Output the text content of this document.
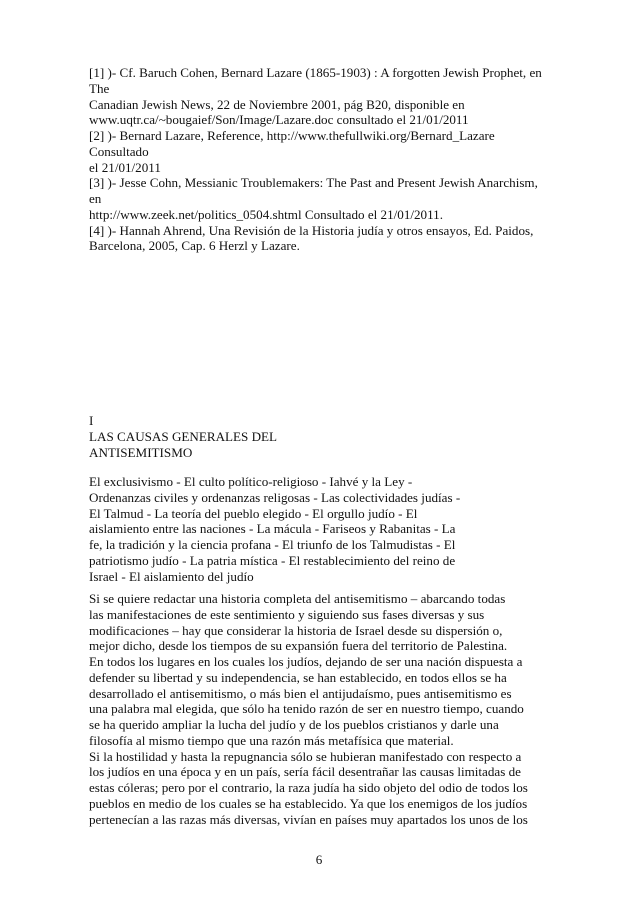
[1] )- Cf. Baruch Cohen, Bernard Lazare (1865-1903) : A forgotten Jewish Prophet, en
The
Canadian Jewish News, 22 de Noviembre 2001, pág B20, disponible en
www.uqtr.ca/~bougaief/Son/Image/Lazare.doc consultado el 21/01/2011
[2] )- Bernard Lazare, Reference, http://www.thefullwiki.org/Bernard_Lazare
Consultado
el 21/01/2011
[3] )- Jesse Cohn, Messianic Troublemakers: The Past and Present Jewish Anarchism,
en
http://www.zeek.net/politics_0504.shtml Consultado el 21/01/2011.
[4] )- Hannah Ahrend, Una Revisión de la Historia judía y otros ensayos, Ed. Paidos,
Barcelona, 2005, Cap. 6 Herzl y Lazare.
I
LAS CAUSAS GENERALES DEL
ANTISEMITISMO
El exclusivismo - El culto político-religioso - Iahvé y la Ley -
Ordenanzas civiles y ordenanzas religosas - Las colectividades judías -
El Talmud - La teoría del pueblo elegido - El orgullo judío - El
aislamiento entre las naciones - La mácula - Fariseos y Rabanitas - La
fe, la tradición y la ciencia profana - El triunfo de los Talmudistas - El
patriotismo judío - La patria mística - El restablecimiento del reino de
Israel - El aislamiento del judío
Si se quiere redactar una historia completa del antisemitismo – abarcando todas
las manifestaciones de este sentimiento y siguiendo sus fases diversas y sus
modificaciones – hay que considerar la historia de Israel desde su dispersión o,
mejor dicho, desde los tiempos de su expansión fuera del territorio de Palestina.
En todos los lugares en los cuales los judíos, dejando de ser una nación dispuesta a
defender su libertad y su independencia, se han establecido, en todos ellos se ha
desarrollado el antisemitismo, o más bien el antijudaísmo, pues antisemitismo es
una palabra mal elegida, que sólo ha tenido razón de ser en nuestro tiempo, cuando
se ha querido ampliar la lucha del judío y de los pueblos cristianos y darle una
filosofía al mismo tiempo que una razón más metafísica que material.
Si la hostilidad y hasta la repugnancia sólo se hubieran manifestado con respecto a
los judíos en una época y en un país, sería fácil desentrañar las causas limitadas de
estas cóleras; pero por el contrario, la raza judía ha sido objeto del odio de todos los
pueblos en medio de los cuales se ha establecido. Ya que los enemigos de los judíos
pertenecían a las razas más diversas, vivían en países muy apartados los unos de los
6
